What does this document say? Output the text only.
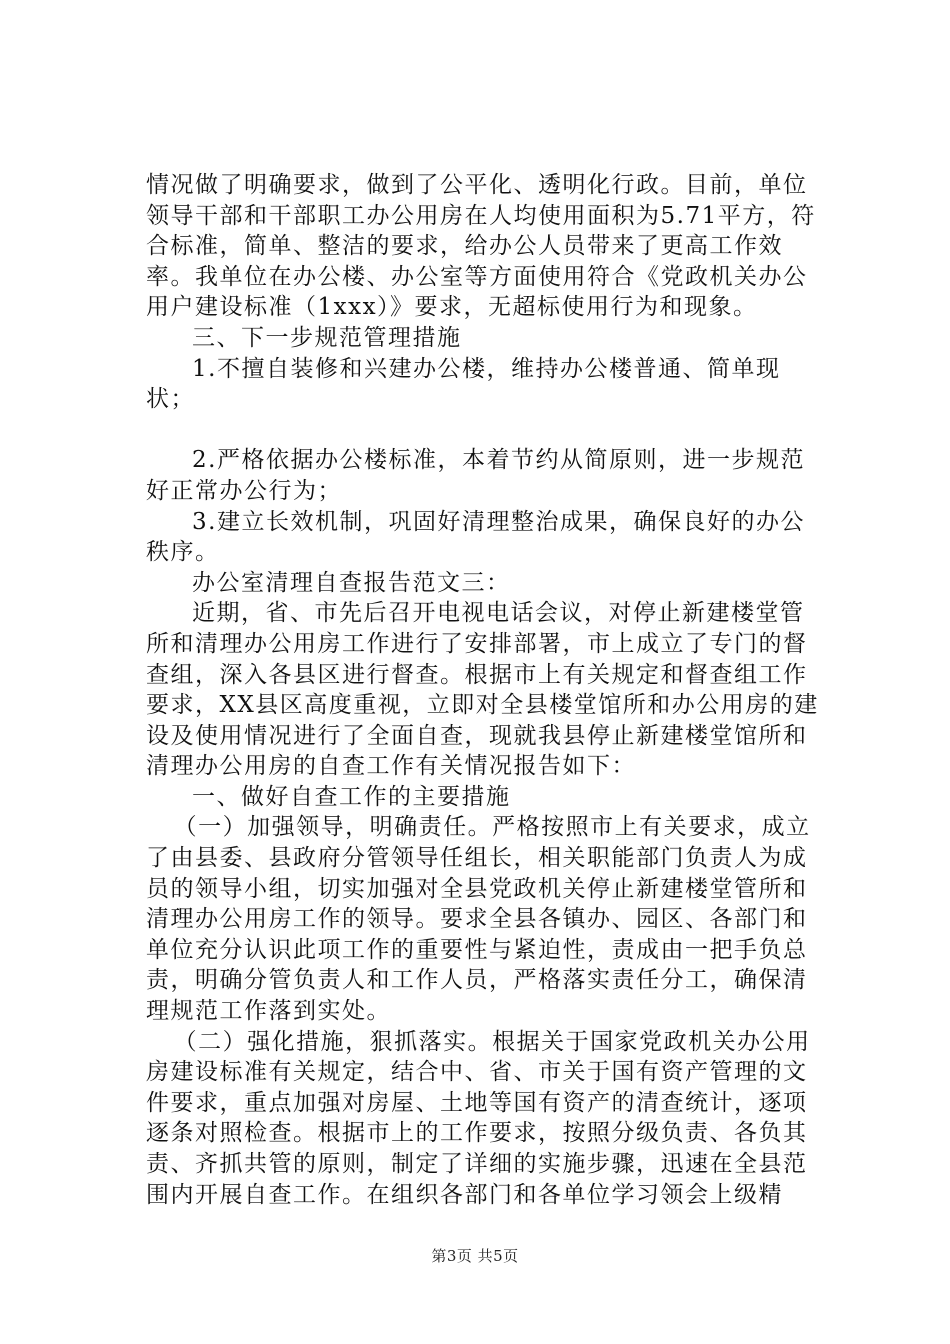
情况做了明确要求，做到了公平化、透明化行政。目前，单位领导干部和干部职工办公用房在人均使用面积为5.71平方，符合标准，简单、整洁的要求，给办公人员带来了更高工作效率。我单位在办公楼、办公室等方面使用符合《党政机关办公用户建设标准（1xxx）》要求，无超标使用行为和现象。

三、下一步规范管理措施

1.不擅自装修和兴建办公楼，维持办公楼普通、简单现状；

2.严格依据办公楼标准，本着节约从简原则，进一步规范好正常办公行为；

3.建立长效机制，巩固好清理整治成果，确保良好的办公秩序。

办公室清理自查报告范文三：

近期，省、市先后召开电视电话会议，对停止新建楼堂管所和清理办公用房工作进行了安排部署，市上成立了专门的督查组，深入各县区进行督查。根据市上有关规定和督查组工作要求，XX县区高度重视，立即对全县楼堂馆所和办公用房的建设及使用情况进行了全面自查，现就我县停止新建楼堂馆所和清理办公用房的自查工作有关情况报告如下：

一、做好自查工作的主要措施

（一）加强领导，明确责任。严格按照市上有关要求，成立了由县委、县政府分管领导任组长，相关职能部门负责人为成员的领导小组，切实加强对全县党政机关停止新建楼堂管所和清理办公用房工作的领导。要求全县各镇办、园区、各部门和单位充分认识此项工作的重要性与紧迫性，责成由一把手负总责，明确分管负责人和工作人员，严格落实责任分工，确保清理规范工作落到实处。

（二）强化措施，狠抓落实。根据关于国家党政机关办公用房建设标准有关规定，结合中、省、市关于国有资产管理的文件要求，重点加强对房屋、土地等国有资产的清查统计，逐项逐条对照检查。根据市上的工作要求，按照分级负责、各负其责、齐抓共管的原则，制定了详细的实施步骤，迅速在全县范围内开展自查工作。在组织各部门和各单位学习领会上级精

第3页 共5页
